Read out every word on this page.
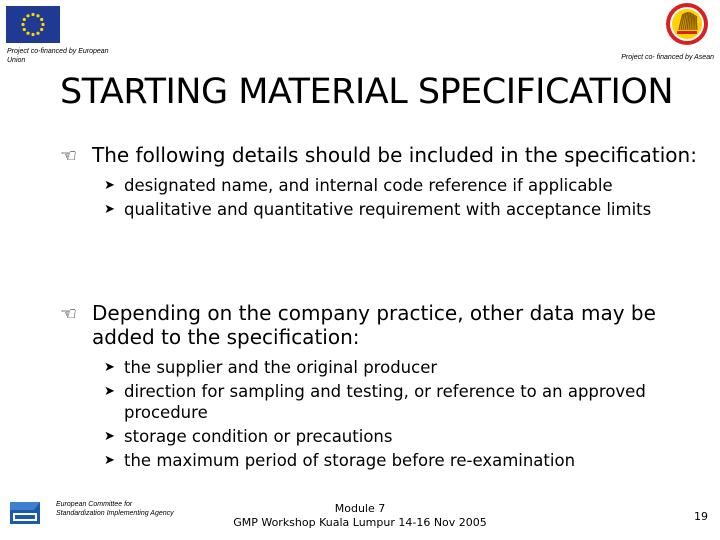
Project co-financed by European Union	Project co- financed by Asean
STARTING MATERIAL SPECIFICATION
☜ The following details should be included in the specification:
➤ designated name, and internal code reference if applicable
➤ qualitative and quantitative requirement with acceptance limits
☜ Depending on the company practice, other data may be added to the specification:
➤ the supplier and the original producer
➤ direction for sampling and testing, or reference to an approved procedure
➤ storage condition or precautions
➤ the maximum period of storage before re-examination
European Committee for Standardization Implementing Agency	Module 7
GMP Workshop Kuala Lumpur 14-16 Nov 2005	19
